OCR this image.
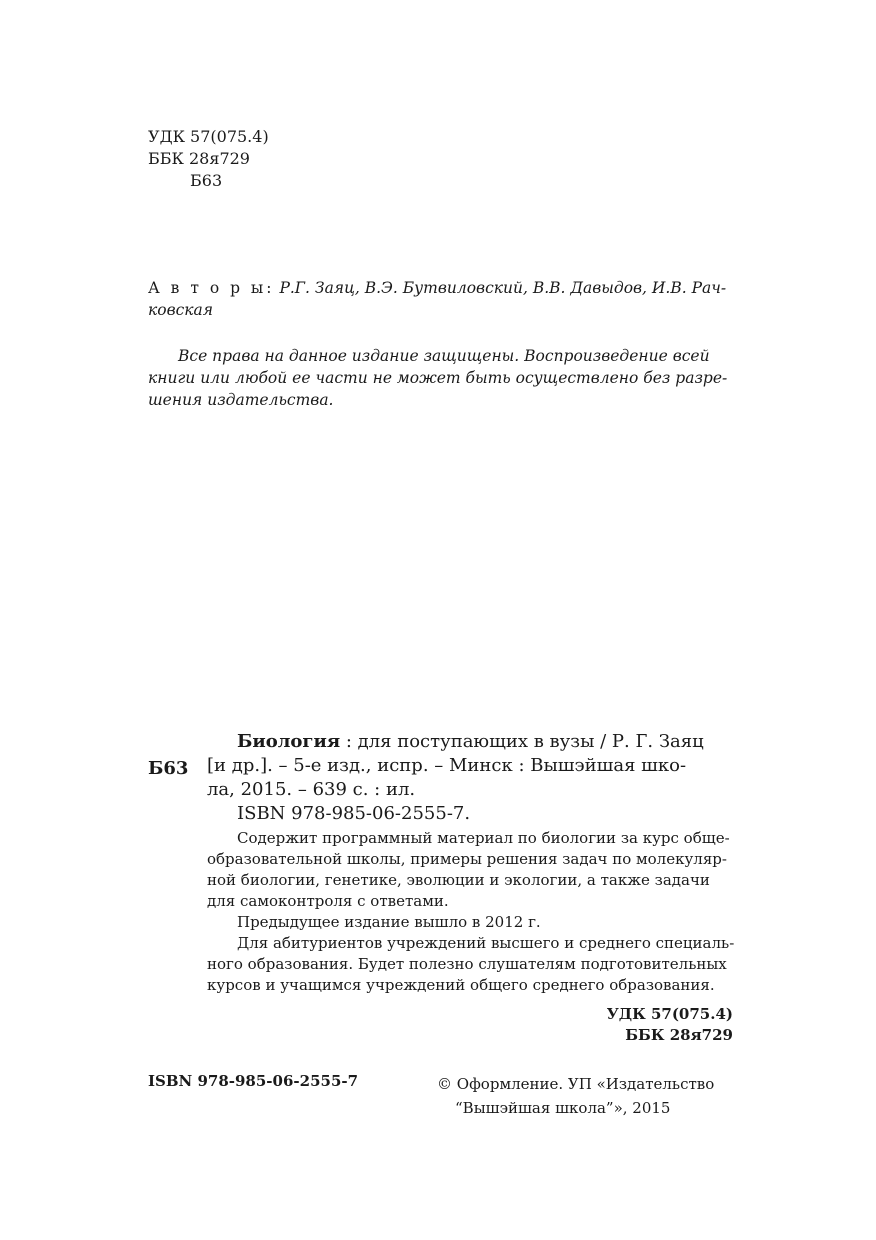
УДК 57(075.4)
ББК 28я729
Б63
А в т о р ы: Р.Г. Заяц, В.Э. Бутвиловский, В.В. Давыдов, И.В. Рач-
ковская
Все права на данное издание защищены. Воспроизведение всей
книги или любой ее части не может быть осуществлено без разре-
шения издательства.
Б63
Биология : для поступающих в вузы / Р. Г. Заяц
[и др.]. – 5-е изд., испр. – Минск : Вышэйшая шко-
ла, 2015. – 639 с. : ил.
ISBN 978-985-06-2555-7.
Содержит программный материал по биологии за курс обще-
образовательной школы, примеры решения задач по молекуляр-
ной биологии, генетике, эволюции и экологии, а также задачи
для самоконтроля с ответами.
Предыдущее издание вышло в 2012 г.
Для абитуриентов учреждений высшего и среднего специаль-
ного образования. Будет полезно слушателям подготовительных
курсов и учащимся учреждений общего среднего образования.
УДК 57(075.4)
ББК 28я729
ISBN 978-985-06-2555-7	© Оформление. УП «Издательство
“Вышэйшая школа”», 2015
